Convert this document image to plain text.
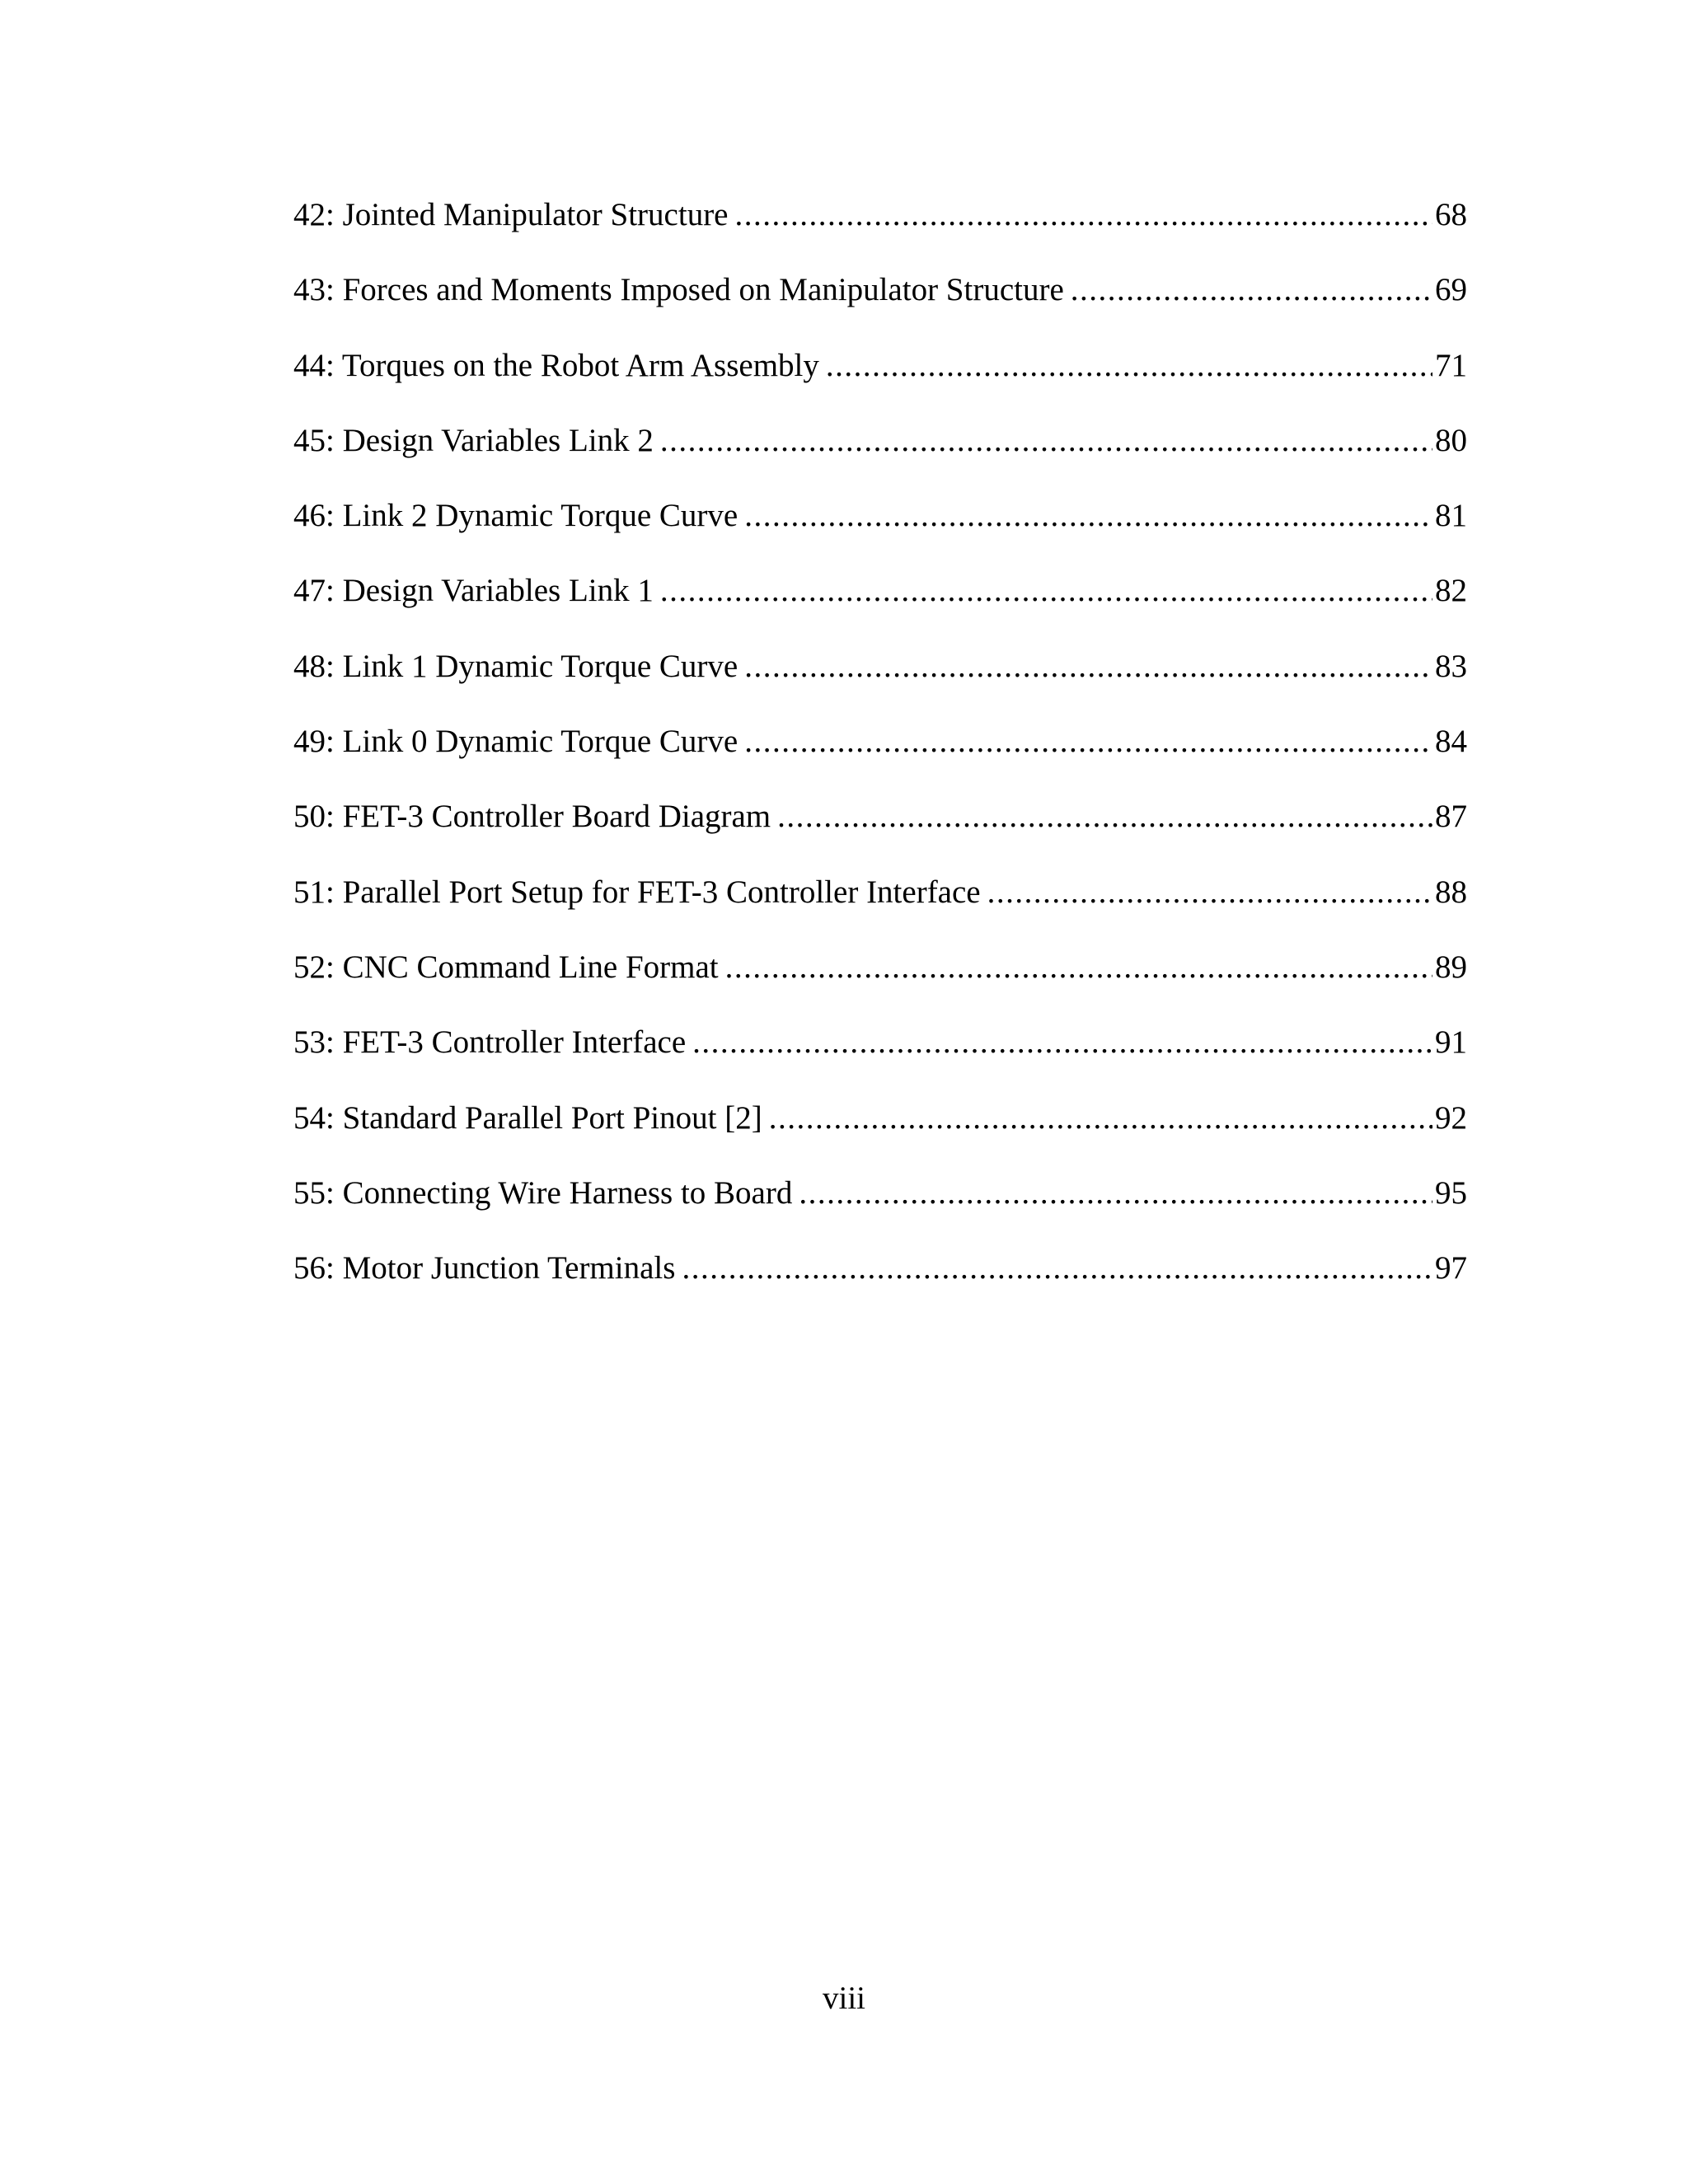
42: Jointed Manipulator Structure .....	68
43: Forces and Moments Imposed on Manipulator Structure .....	69
44: Torques on the Robot Arm Assembly .....	71
45: Design Variables Link 2 .....	80
46: Link 2 Dynamic Torque Curve .....	81
47: Design Variables Link 1 .....	82
48: Link 1 Dynamic Torque Curve .....	83
49: Link 0 Dynamic Torque Curve .....	84
50: FET-3 Controller Board Diagram .....	87
51: Parallel Port Setup for FET-3 Controller Interface .....	88
52: CNC Command Line Format .....	89
53: FET-3 Controller Interface .....	91
54: Standard Parallel Port Pinout [2] .....	92
55: Connecting Wire Harness to Board .....	95
56: Motor Junction Terminals .....	97
viii
